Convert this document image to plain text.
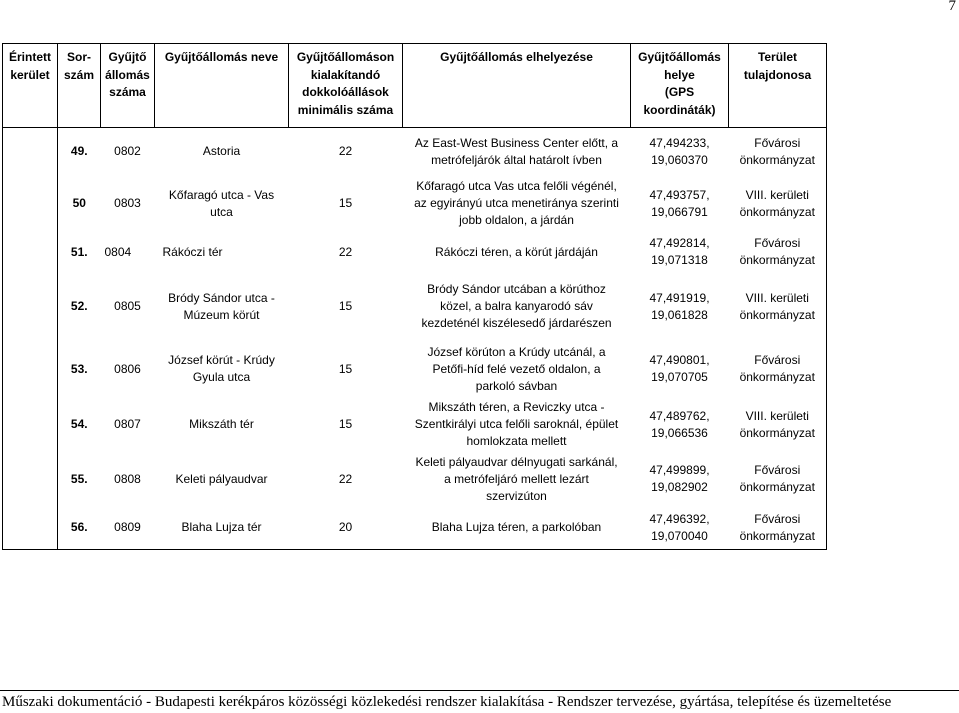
7
Érintett
kerület	Sor-
szám	Gyűjtő
állomás
száma	Gyűjtőállomás neve	Gyűjtőállomáson
kialakítandó
dokkolóállások
minimális száma	Gyűjtőállomás elhelyezése	Gyűjtőállomás
helye
(GPS
koordináták)	Terület
tulajdonosa
	49.	0802	Astoria	22	Az East-West Business Center előtt, a
metrófeljárók által határolt ívben	47,494233,
19,060370	Fővárosi
önkormányzat
	50	0803	Kőfaragó utca - Vas
utca	15	Kőfaragó utca Vas utca felőli végénél,
az egyirányú utca menetiránya szerinti
jobb oldalon, a járdán	47,493757,
19,066791	VIII. kerületi
önkormányzat
	51.	0804	Rákóczi tér	22	Rákóczi téren, a körút járdáján	47,492814,
19,071318	Fővárosi
önkormányzat
	52.	0805	Bródy Sándor utca -
Múzeum körút	15	Bródy Sándor utcában a körúthoz
közel, a balra kanyarodó sáv
kezdeténél kiszélesedő járdarészen	47,491919,
19,061828	VIII. kerületi
önkormányzat
	53.	0806	József körút - Krúdy
Gyula utca	15	József körúton a Krúdy utcánál, a
Petőfi-híd felé vezető oldalon, a
parkoló sávban	47,490801,
19,070705	Fővárosi
önkormányzat
	54.	0807	Mikszáth tér	15	Mikszáth téren, a Reviczky utca -
Szentkirályi utca felőli saroknál, épület
homlokzata mellett	47,489762,
19,066536	VIII. kerületi
önkormányzat
	55.	0808	Keleti pályaudvar	22	Keleti pályaudvar délnyugati sarkánál,
a metrófeljáró mellett lezárt
szervizúton	47,499899,
19,082902	Fővárosi
önkormányzat
	56.	0809	Blaha Lujza tér	20	Blaha Lujza téren, a parkolóban	47,496392,
19,070040	Fővárosi
önkormányzat
Műszaki dokumentáció - Budapesti kerékpáros közösségi közlekedési rendszer kialakítása - Rendszer tervezése, gyártása, telepítése és üzemeltetése
